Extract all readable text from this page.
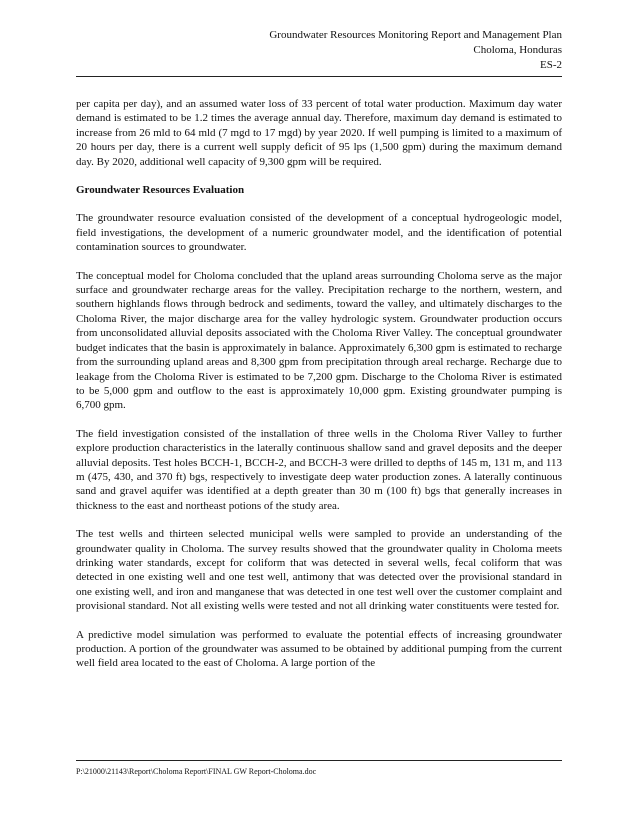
Groundwater Resources Monitoring Report and Management Plan
Choloma, Honduras
ES-2

per capita per day), and an assumed water loss of 33 percent of total water production. Maximum day water demand is estimated to be 1.2 times the average annual day. Therefore, maximum day demand is estimated to increase from 26 mld to 64 mld (7 mgd to 17 mgd) by year 2020. If well pumping is limited to a maximum of 20 hours per day, there is a current well supply deficit of 95 lps (1,500 gpm) during the maximum demand day. By 2020, additional well capacity of 9,300 gpm will be required.

Groundwater Resources Evaluation

The groundwater resource evaluation consisted of the development of a conceptual hydrogeologic model, field investigations, the development of a numeric groundwater model, and the identification of potential contamination sources to groundwater.

The conceptual model for Choloma concluded that the upland areas surrounding Choloma serve as the major surface and groundwater recharge areas for the valley. Precipitation recharge to the northern, western, and southern highlands flows through bedrock and sediments, toward the valley, and ultimately discharges to the Choloma River, the major discharge area for the valley hydrologic system. Groundwater production occurs from unconsolidated alluvial deposits associated with the Choloma River Valley. The conceptual groundwater budget indicates that the basin is approximately in balance. Approximately 6,300 gpm is estimated to recharge from the surrounding upland areas and 8,300 gpm from precipitation through areal recharge. Recharge due to leakage from the Choloma River is estimated to be 7,200 gpm. Discharge to the Choloma River is estimated to be 5,000 gpm and outflow to the east is approximately 10,000 gpm. Existing groundwater pumping is 6,700 gpm.

The field investigation consisted of the installation of three wells in the Choloma River Valley to further explore production characteristics in the laterally continuous shallow sand and gravel deposits and the deeper alluvial deposits. Test holes BCCH-1, BCCH-2, and BCCH-3 were drilled to depths of 145 m, 131 m, and 113 m (475, 430, and 370 ft) bgs, respectively to investigate deep water production zones. A laterally continuous sand and gravel aquifer was identified at a depth greater than 30 m (100 ft) bgs that generally increases in thickness to the east and northeast potions of the study area.

The test wells and thirteen selected municipal wells were sampled to provide an understanding of the groundwater quality in Choloma. The survey results showed that the groundwater quality in Choloma meets drinking water standards, except for coliform that was detected in several wells, fecal coliform that was detected in one existing well and one test well, antimony that was detected over the provisional standard in one existing well, and iron and manganese that was detected in one test well over the customer complaint and provisional standard. Not all existing wells were tested and not all drinking water constituents were tested for.

A predictive model simulation was performed to evaluate the potential effects of increasing groundwater production. A portion of the groundwater was assumed to be obtained by additional pumping from the current well field area located to the east of Choloma. A large portion of the

P:\21000\21143\Report\Choloma Report\FINAL GW Report-Choloma.doc
